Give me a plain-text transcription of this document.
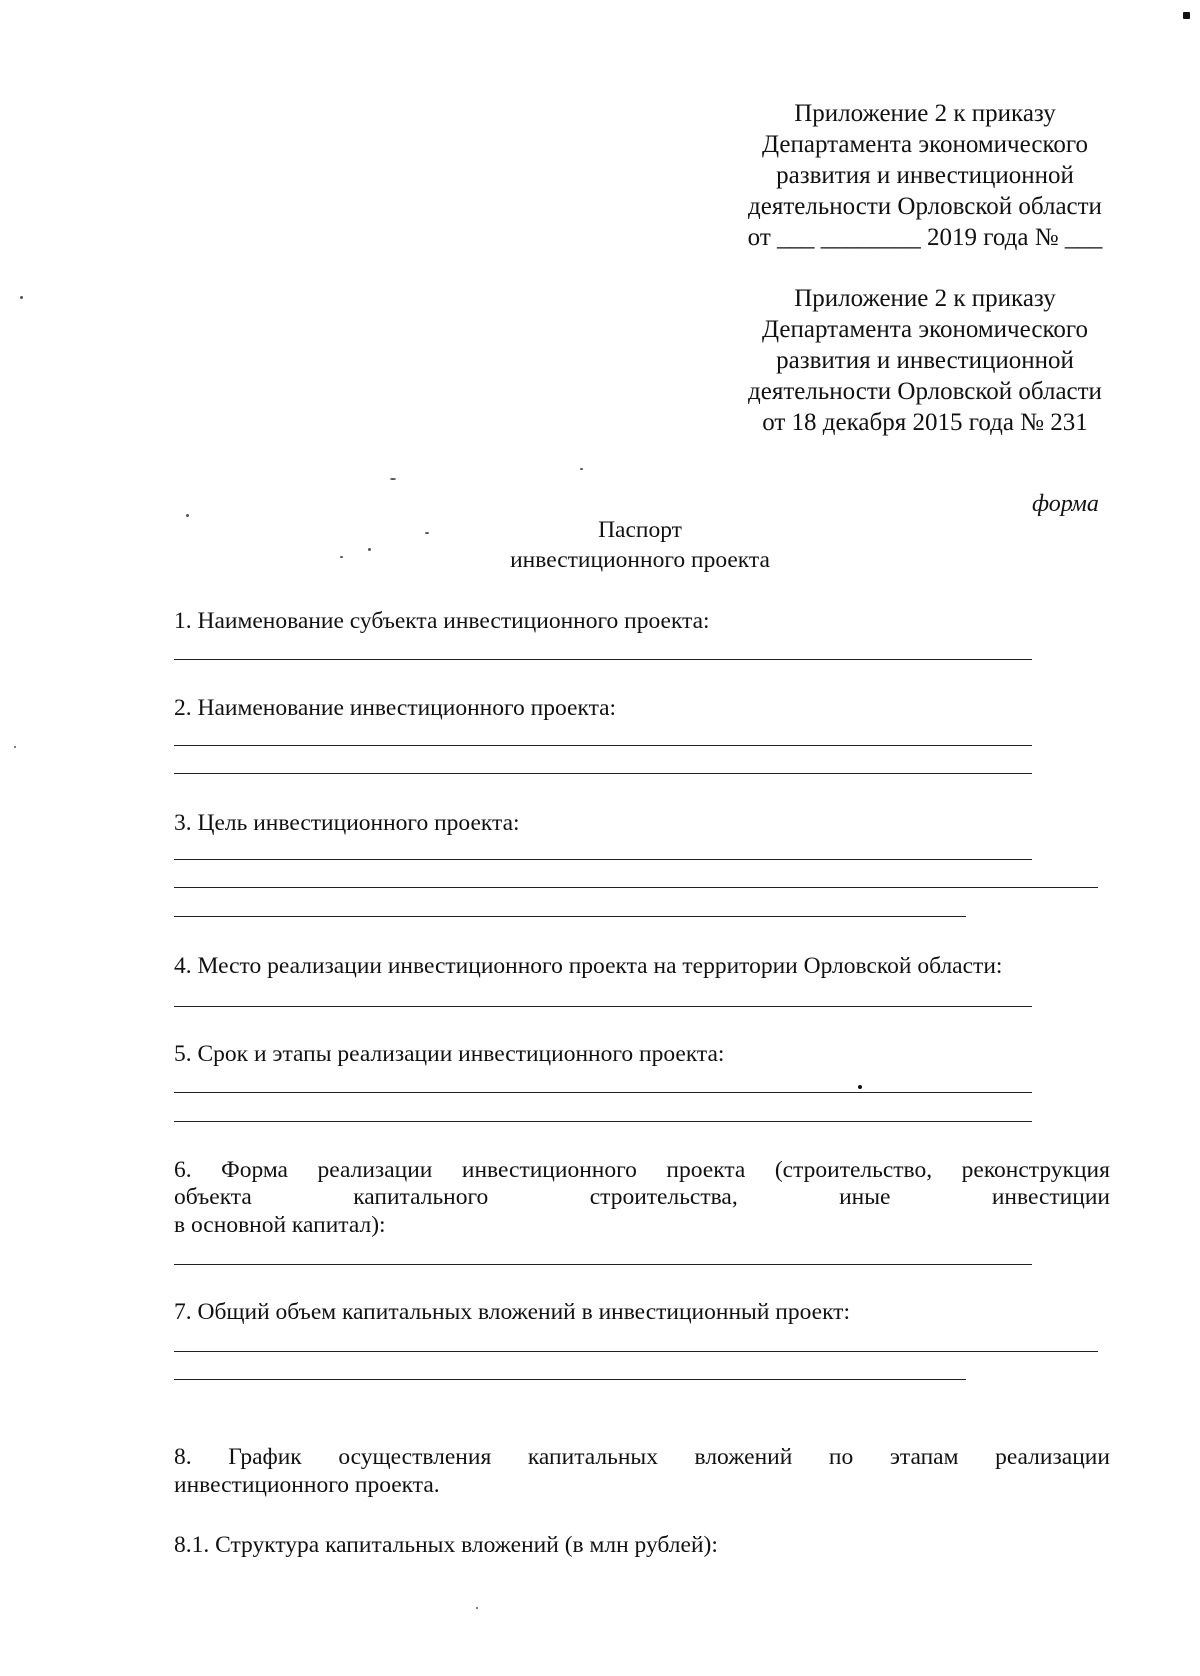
Приложение 2 к приказу
Департамента экономического
развития и инвестиционной
деятельности Орловской области
от ___ ________ 2019 года № ___
Приложение 2 к приказу
Департамента экономического
развития и инвестиционной
деятельности Орловской области
от 18 декабря 2015 года № 231
форма
Паспорт
инвестиционного проекта
1. Наименование субъекта инвестиционного проекта:
2. Наименование инвестиционного проекта:
3. Цель инвестиционного проекта:
4. Место реализации инвестиционного проекта на территории Орловской области:
5. Срок и этапы реализации инвестиционного проекта:
6. Форма реализации инвестиционного проекта (строительство, реконструкция
объекта	капитального	строительства,	иные	инвестиции
в основной капитал):
7. Общий объем капитальных вложений в инвестиционный проект:
8. График осуществления капитальных вложений по этапам реализации
инвестиционного проекта.
8.1. Структура капитальных вложений (в млн рублей):
